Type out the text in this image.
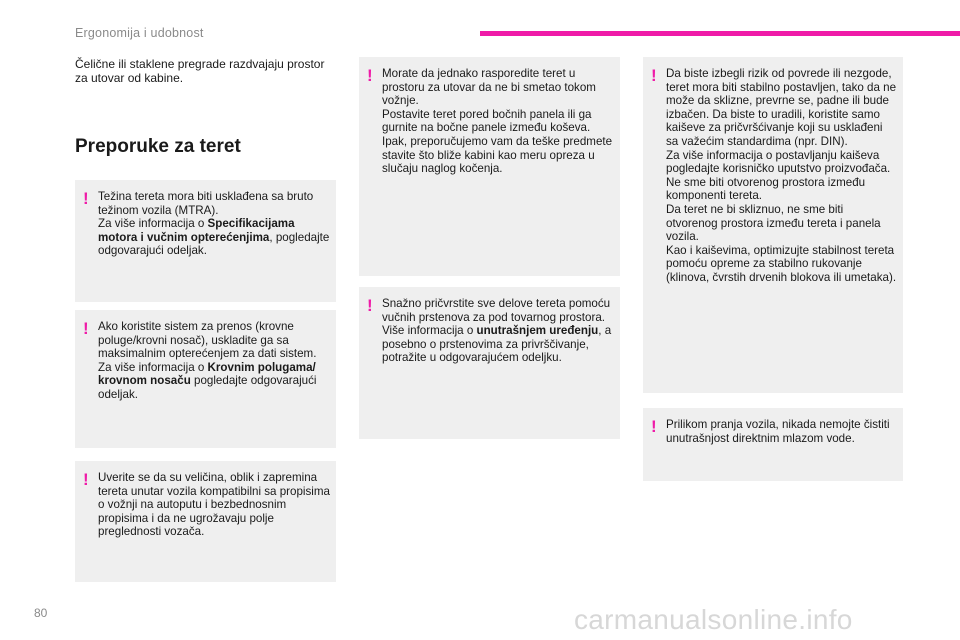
Ergonomija i udobnost
Čelične ili staklene pregrade razdvajaju prostor za utovar od kabine.
Preporuke za teret
! Težina tereta mora biti usklađena sa bruto težinom vozila (MTRA).
Za više informacija o Specifikacijama motora i vučnim opterećenjima, pogledajte odgovarajući odeljak.
! Ako koristite sistem za prenos (krovne poluge/krovni nosač), uskladite ga sa maksimalnim opterećenjem za dati sistem.
Za više informacija o Krovnim polugama/ krovnom nosaču pogledajte odgovarajući odeljak.
! Uverite se da su veličina, oblik i zapremina tereta unutar vozila kompatibilni sa propisima o vožnji na autoputu i bezbednosnim propisima i da ne ugrožavaju polje preglednosti vozača.
! Morate da jednako rasporedite teret u prostoru za utovar da ne bi smetao tokom vožnje.
Postavite teret pored bočnih panela ili ga gurnite na bočne panele između koševa.
Ipak, preporučujemo vam da teške predmete stavite što bliže kabini kao meru opreza u slučaju naglog kočenja.
! Snažno pričvrstite sve delove tereta pomoću vučnih prstenova za pod tovarnog prostora.
Više informacija o unutrašnjem uređenju, a posebno o prstenovima za privrščivanje, potražite u odgovarajućem odeljku.
! Da biste izbegli rizik od povrede ili nezgode, teret mora biti stabilno postavljen, tako da ne može da sklizne, prevrne se, padne ili bude izbačen. Da biste to uradili, koristite samo kaiševe za pričvršćivanje koji su usklađeni sa važećim standardima (npr. DIN).
Za više informacija o postavljanju kaiševa pogledajte korisničko uputstvo proizvođača.
Ne sme biti otvorenog prostora između komponenti tereta.
Da teret ne bi skliznuo, ne sme biti otvorenog prostora između tereta i panela vozila.
Kao i kaiševima, optimizujte stabilnost tereta pomoću opreme za stabilno rukovanje (klinova, čvrstih drvenih blokova ili umetaka).
! Prilikom pranja vozila, nikada nemojte čistiti unutrašnjost direktnim mlazom vode.
80	carmanualsonline.info
